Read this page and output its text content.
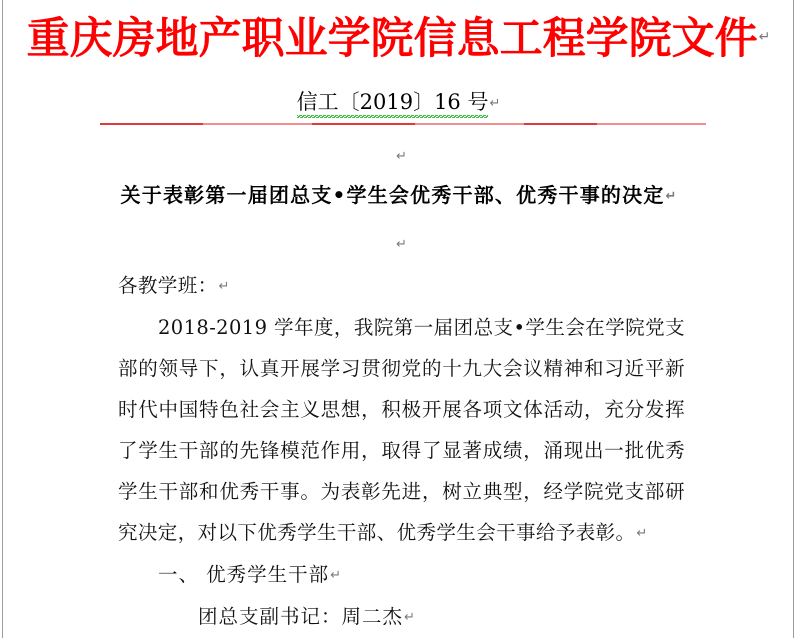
重庆房地产职业学院信息工程学院文件↵
信工〔2019〕16 号↵
↵
↵
关于表彰第一届团总支•学生会优秀干部、优秀干事的决定↵

各教学班：↵

2018-2019 学年度，我院第一届团总支•学生会在学院党支部的领导下，认真开展学习贯彻党的十九大会议精神和习近平新时代中国特色社会主义思想，积极开展各项文体活动，充分发挥了学生干部的先锋模范作用，取得了显著成绩，涌现出一批优秀学生干部和优秀干事。为表彰先进，树立典型，经学院党支部研究决定，对以下优秀学生干部、优秀学生会干事给予表彰。↵

一、 优秀学生干部↵

团总支副书记：周二杰↵
